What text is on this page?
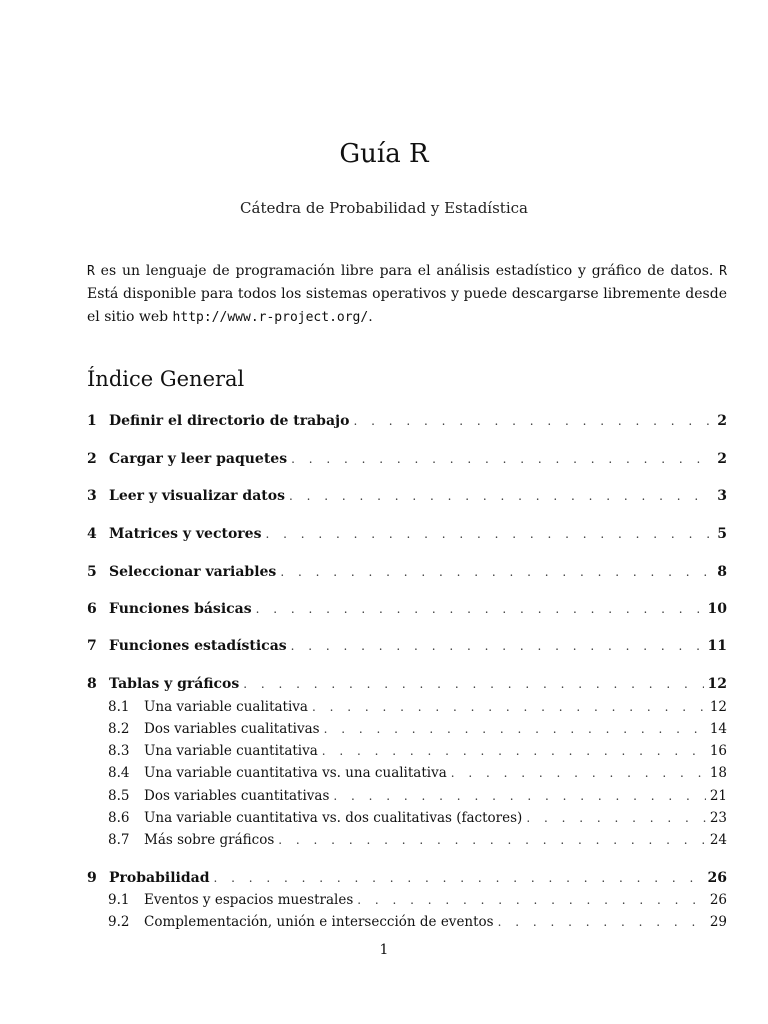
Guía R
Cátedra de Probabilidad y Estadística
R es un lenguaje de programación libre para el análisis estadístico y gráfico de datos. R Está disponible para todos los sistemas operativos y puede descargarse libremente desde el sitio web http://www.r-project.org/.
Índice General
1 Definir el directorio de trabajo . . .	2
2 Cargar y leer paquetes . . .	2
3 Leer y visualizar datos . . .	3
4 Matrices y vectores . . .	5
5 Seleccionar variables . . .	8
6 Funciones básicas . . .	10
7 Funciones estadísticas . . .	11
8 Tablas y gráficos . . .	12
8.1	Una variable cualitativa . . .	12
8.2	Dos variables cualitativas . . .	14
8.3	Una variable cuantitativa . . .	16
8.4	Una variable cuantitativa vs. una cualitativa . . .	18
8.5	Dos variables cuantitativas . . .	21
8.6	Una variable cuantitativa vs. dos cualitativas (factores) . . .	23
8.7	Más sobre gráficos . . .	24
9 Probabilidad . . .	26
9.1	Eventos y espacios muestrales . . .	26
9.2	Complementación, unión e intersección de eventos . . .	29
1
